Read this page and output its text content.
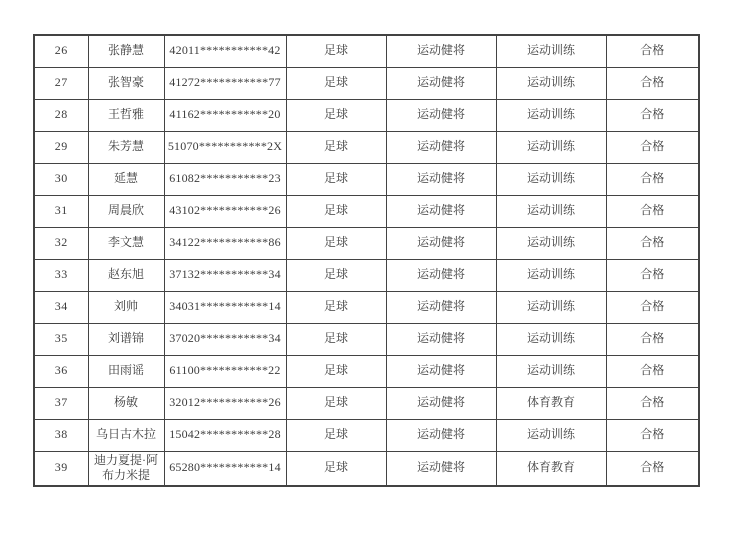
26	张静慧	42011***********42	足球	运动健将	运动训练	合格
27	张智豪	41272***********77	足球	运动健将	运动训练	合格
28	王哲雅	41162***********20	足球	运动健将	运动训练	合格
29	朱芳慧	51070***********2X	足球	运动健将	运动训练	合格
30	延慧	61082***********23	足球	运动健将	运动训练	合格
31	周晨欣	43102***********26	足球	运动健将	运动训练	合格
32	李文慧	34122***********86	足球	运动健将	运动训练	合格
33	赵东旭	37132***********34	足球	运动健将	运动训练	合格
34	刘帅	34031***********14	足球	运动健将	运动训练	合格
35	刘谱锦	37020***********34	足球	运动健将	运动训练	合格
36	田雨谣	61100***********22	足球	运动健将	运动训练	合格
37	杨敏	32012***********26	足球	运动健将	体育教育	合格
38	乌日古木拉	15042***********28	足球	运动健将	运动训练	合格
39	迪力夏提·阿布力米提	65280***********14	足球	运动健将	体育教育	合格
